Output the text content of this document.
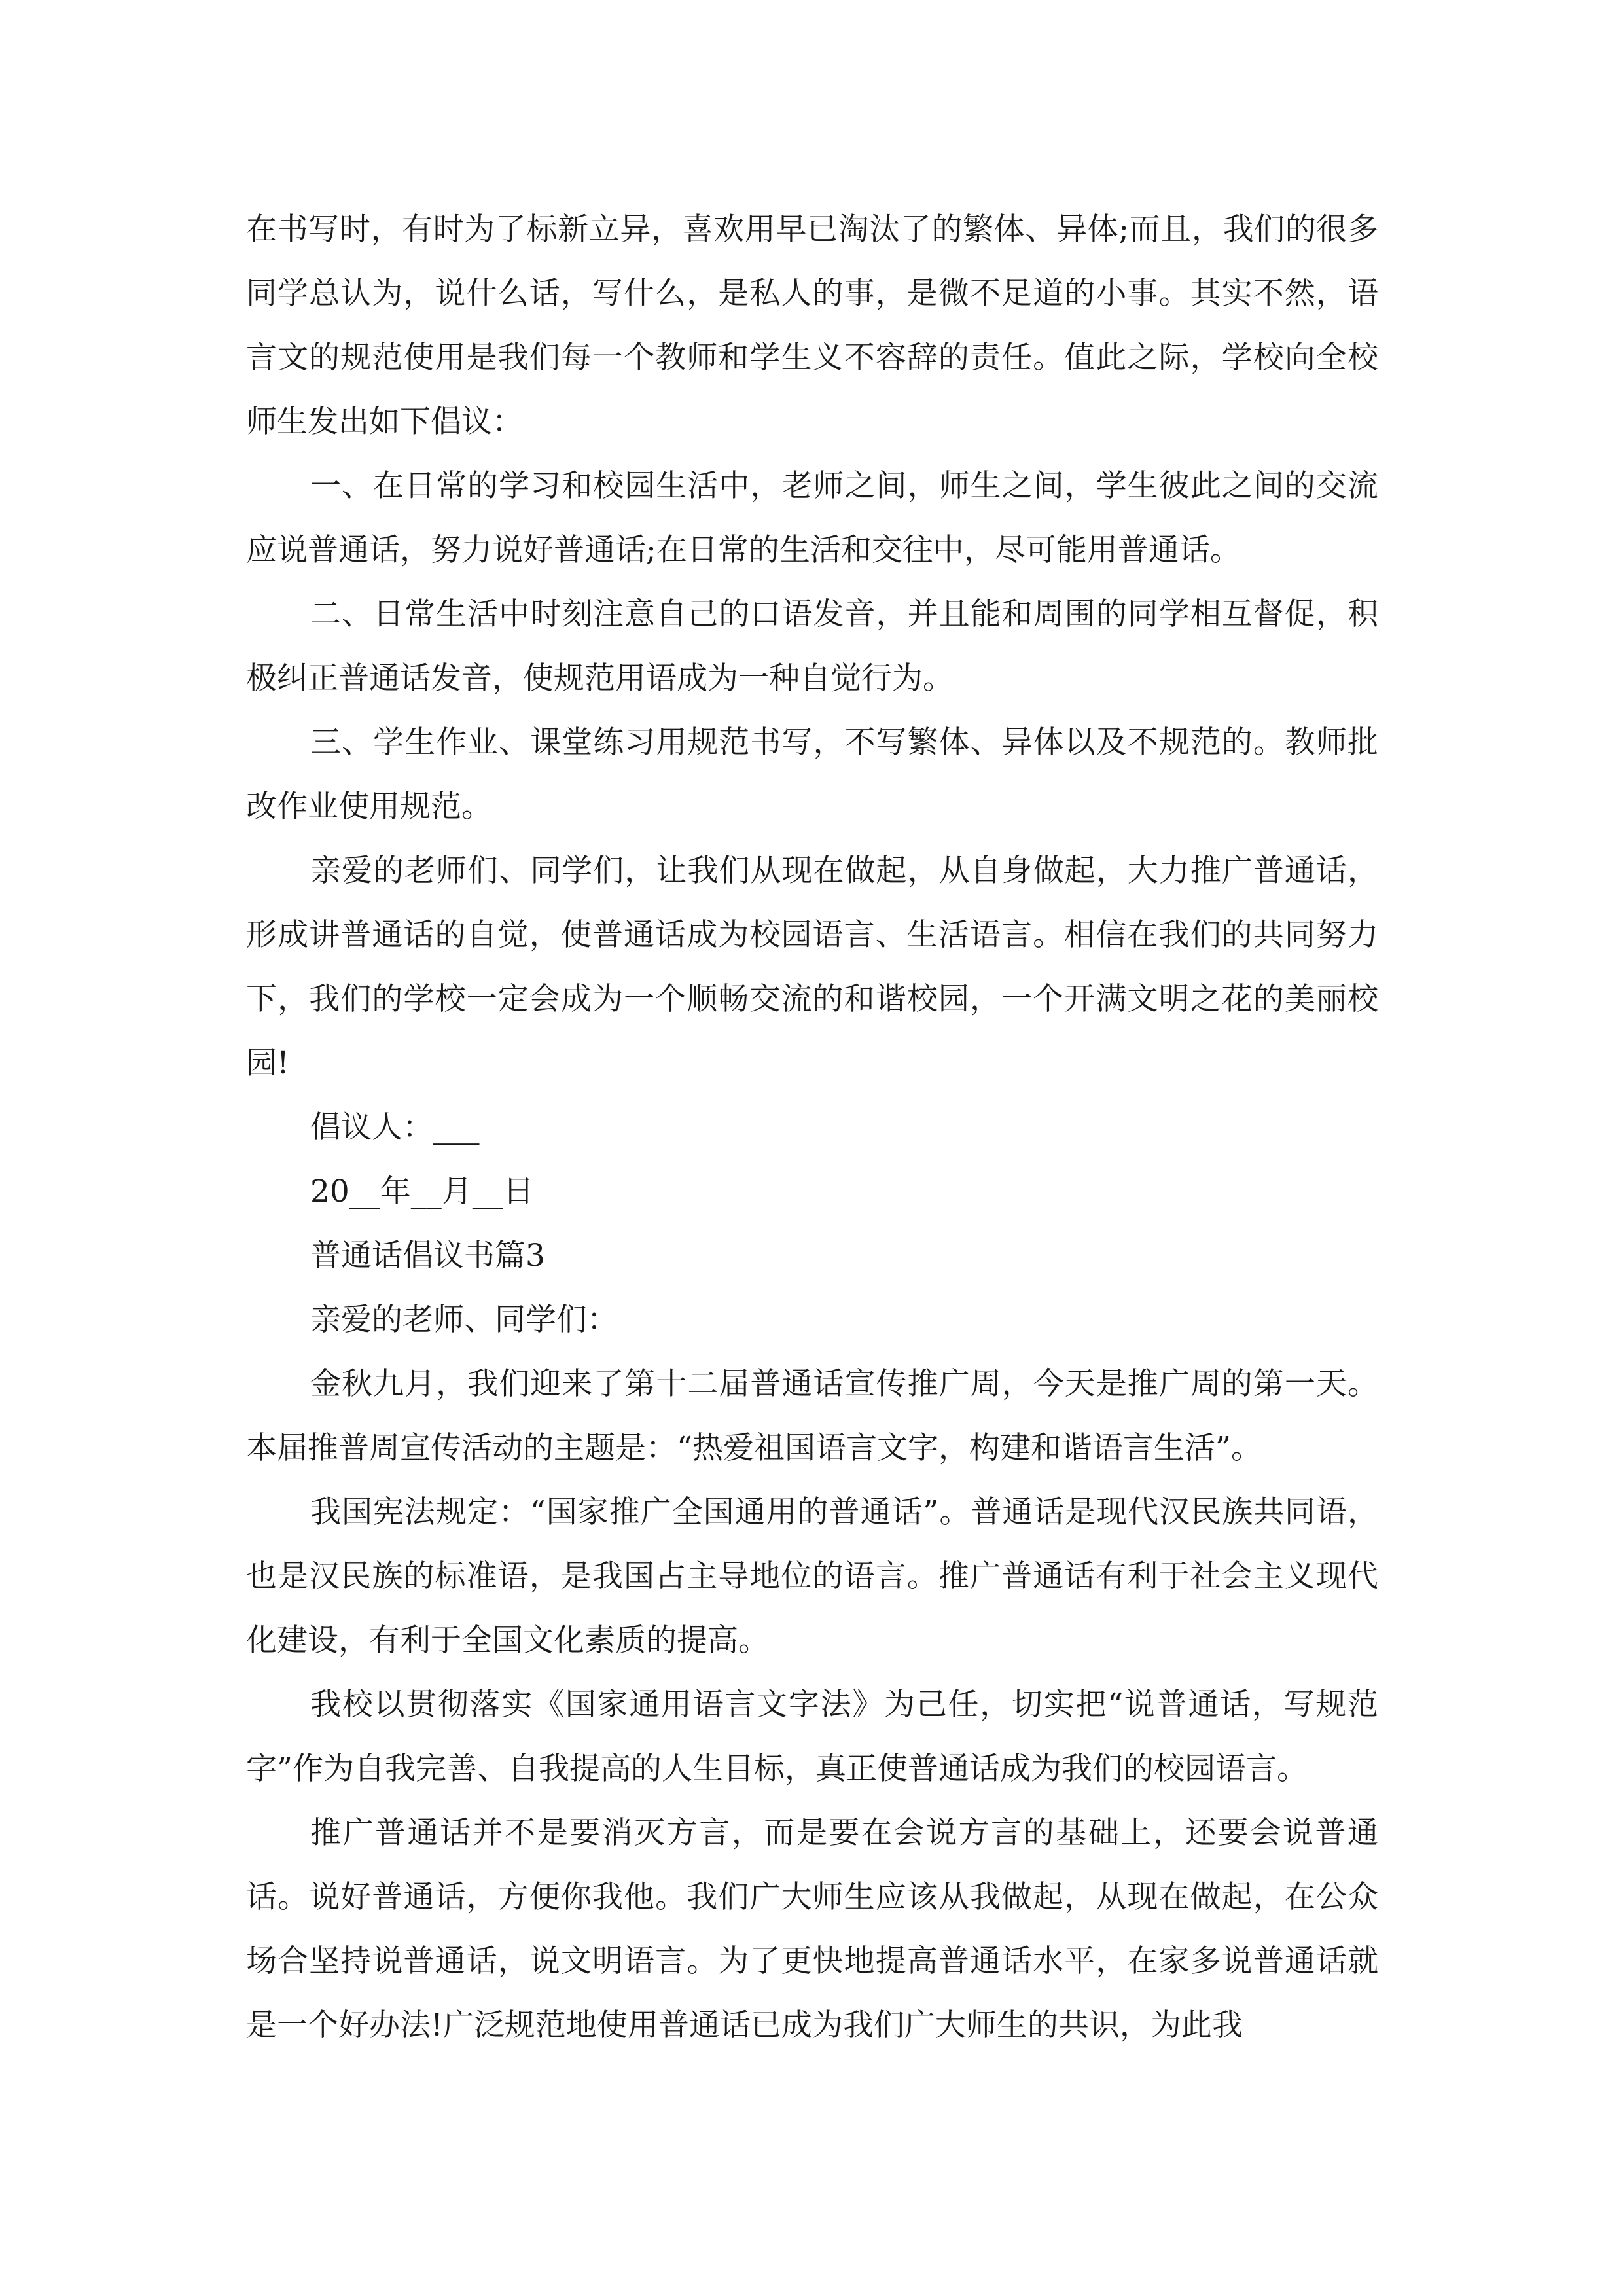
在书写时，有时为了标新立异，喜欢用早已淘汰了的繁体、异体;而且，我们的很多同学总认为，说什么话，写什么，是私人的事，是微不足道的小事。其实不然，语言文的规范使用是我们每一个教师和学生义不容辞的责任。值此之际，学校向全校师生发出如下倡议：

一、在日常的学习和校园生活中，老师之间，师生之间，学生彼此之间的交流应说普通话，努力说好普通话;在日常的生活和交往中，尽可能用普通话。

二、日常生活中时刻注意自己的口语发音，并且能和周围的同学相互督促，积极纠正普通话发音，使规范用语成为一种自觉行为。

三、学生作业、课堂练习用规范书写，不写繁体、异体以及不规范的。教师批改作业使用规范。

亲爱的老师们、同学们，让我们从现在做起，从自身做起，大力推广普通话，形成讲普通话的自觉，使普通话成为校园语言、生活语言。相信在我们的共同努力下，我们的学校一定会成为一个顺畅交流的和谐校园，一个开满文明之花的美丽校园!

倡议人：___

20__年__月__日

普通话倡议书篇3

亲爱的老师、同学们：

金秋九月，我们迎来了第十二届普通话宣传推广周，今天是推广周的第一天。本届推普周宣传活动的主题是：“热爱祖国语言文字，构建和谐语言生活”。

我国宪法规定：“国家推广全国通用的普通话”。普通话是现代汉民族共同语，也是汉民族的标准语，是我国占主导地位的语言。推广普通话有利于社会主义现代化建设，有利于全国文化素质的提高。

我校以贯彻落实《国家通用语言文字法》为己任，切实把“说普通话，写规范字”作为自我完善、自我提高的人生目标，真正使普通话成为我们的校园语言。

推广普通话并不是要消灭方言，而是要在会说方言的基础上，还要会说普通话。说好普通话，方便你我他。我们广大师生应该从我做起，从现在做起，在公众场合坚持说普通话，说文明语言。为了更快地提高普通话水平，在家多说普通话就是一个好办法!广泛规范地使用普通话已成为我们广大师生的共识，为此我
